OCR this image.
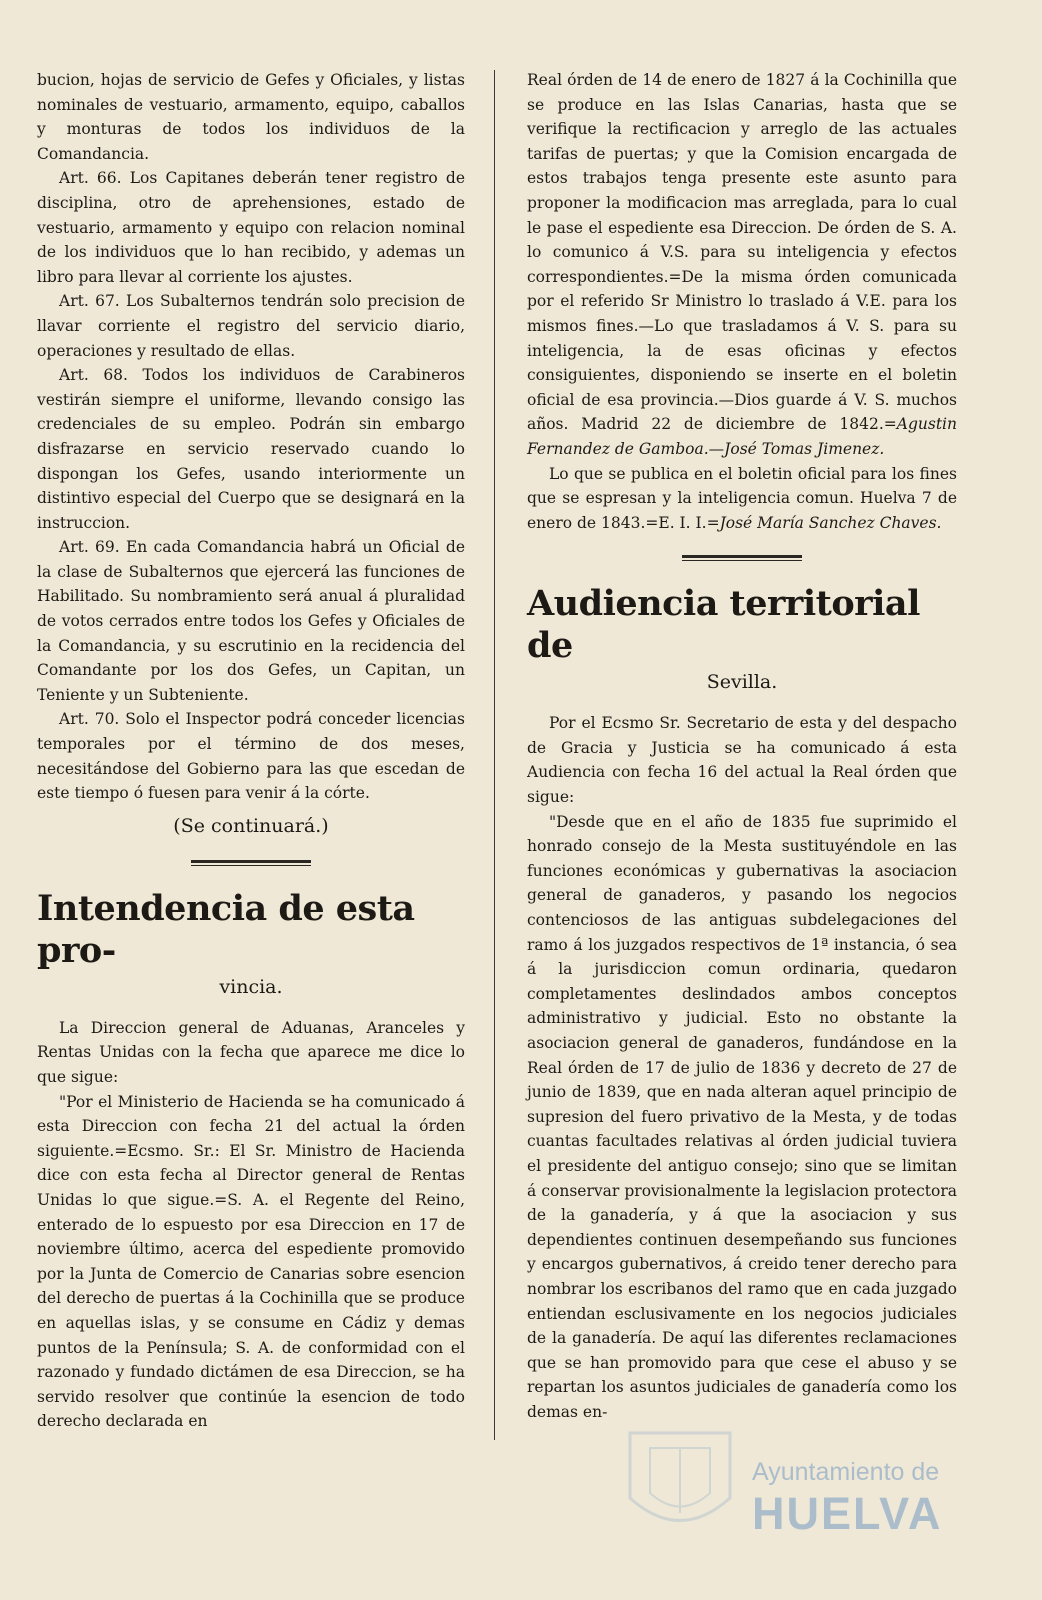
bucion, hojas de servicio de Gefes y Oficiales, y listas nominales de vestuario, armamento, equipo, caballos y monturas de todos los individuos de la Comandancia.

Art. 66. Los Capitanes deberán tener registro de disciplina, otro de aprehensiones, estado de vestuario, armamento y equipo con relacion nominal de los individuos que lo han recibido, y ademas un libro para llevar al corriente los ajustes.

Art. 67. Los Subalternos tendrán solo precision de llavar corriente el registro del servicio diario, operaciones y resultado de ellas.

Art. 68. Todos los individuos de Carabineros vestirán siempre el uniforme, llevando consigo las credenciales de su empleo. Podrán sin embargo disfrazarse en servicio reservado cuando lo dispongan los Gefes, usando interiormente un distintivo especial del Cuerpo que se designará en la instruccion.

Art. 69. En cada Comandancia habrá un Oficial de la clase de Subalternos que ejercerá las funciones de Habilitado. Su nombramiento será anual á pluralidad de votos cerrados entre todos los Gefes y Oficiales de la Comandancia, y su escrutinio en la recidencia del Comandante por los dos Gefes, un Capitan, un Teniente y un Subteniente.

Art. 70. Solo el Inspector podrá conceder licencias temporales por el término de dos meses, necesitándose del Gobierno para las que escedan de este tiempo ó fuesen para venir á la córte.

(Se continuará.)
Intendencia de esta pro-
vincia.

La Direccion general de Aduanas, Aranceles y Rentas Unidas con la fecha que aparece me dice lo que sigue:

"Por el Ministerio de Hacienda se ha comunicado á esta Direccion con fecha 21 del actual la órden siguiente.=Ecsmo. Sr.: El Sr. Ministro de Hacienda dice con esta fecha al Director general de Rentas Unidas lo que sigue.=S. A. el Regente del Reino, enterado de lo espuesto por esa Direccion en 17 de noviembre último, acerca del espediente promovido por la Junta de Comercio de Canarias sobre esencion del derecho de puertas á la Cochinilla que se produce en aquellas islas, y se consume en Cádiz y demas puntos de la Península; S. A. de conformidad con el razonado y fundado dictámen de esa Direccion, se ha servido resolver que continúe la esencion de todo derecho declarada en

Real órden de 14 de enero de 1827 á la Cochinilla que se produce en las Islas Canarias, hasta que se verifique la rectificacion y arreglo de las actuales tarifas de puertas; y que la Comision encargada de estos trabajos tenga presente este asunto para proponer la modificacion mas arreglada, para lo cual le pase el espediente esa Direccion. De órden de S. A. lo comunico á V.S. para su inteligencia y efectos correspondientes.=De la misma órden comunicada por el referido Sr Ministro lo traslado á V.E. para los mismos fines.—Lo que trasladamos á V. S. para su inteligencia, la de esas oficinas y efectos consiguientes, disponiendo se inserte en el boletin oficial de esa provincia.—Dios guarde á V. S. muchos años. Madrid 22 de diciembre de 1842.=Agustin Fernandez de Gamboa.—José Tomas Jimenez.

Lo que se publica en el boletin oficial para los fines que se espresan y la inteligencia comun. Huelva 7 de enero de 1843.=E. I. I.=José María Sanchez Chaves.

Audiencia territorial de
Sevilla.

Por el Ecsmo Sr. Secretario de esta y del despacho de Gracia y Justicia se ha comunicado á esta Audiencia con fecha 16 del actual la Real órden que sigue:

"Desde que en el año de 1835 fue suprimido el honrado consejo de la Mesta sustituyéndole en las funciones económicas y gubernativas la asociacion general de ganaderos, y pasando los negocios contenciosos de las antiguas subdelegaciones del ramo á los juzgados respectivos de 1ª instancia, ó sea á la jurisdiccion comun ordinaria, quedaron completamentes deslindados ambos conceptos administrativo y judicial. Esto no obstante la asociacion general de ganaderos, fundándose en la Real órden de 17 de julio de 1836 y decreto de 27 de junio de 1839, que en nada alteran aquel principio de supresion del fuero privativo de la Mesta, y de todas cuantas facultades relativas al órden judicial tuviera el presidente del antiguo consejo; sino que se limitan á conservar provisionalmente la legislacion protectora de la ganadería, y á que la asociacion y sus dependientes continuen desempeñando sus funciones y encargos gubernativos, á creido tener derecho para nombrar los escribanos del ramo que en cada juzgado entiendan esclusivamente en los negocios judiciales de la ganadería. De aquí las diferentes reclamaciones que se han promovido para que cese el abuso y se repartan los asuntos judiciales de ganadería como los demas en-

Ayuntamiento de
HUELVA
